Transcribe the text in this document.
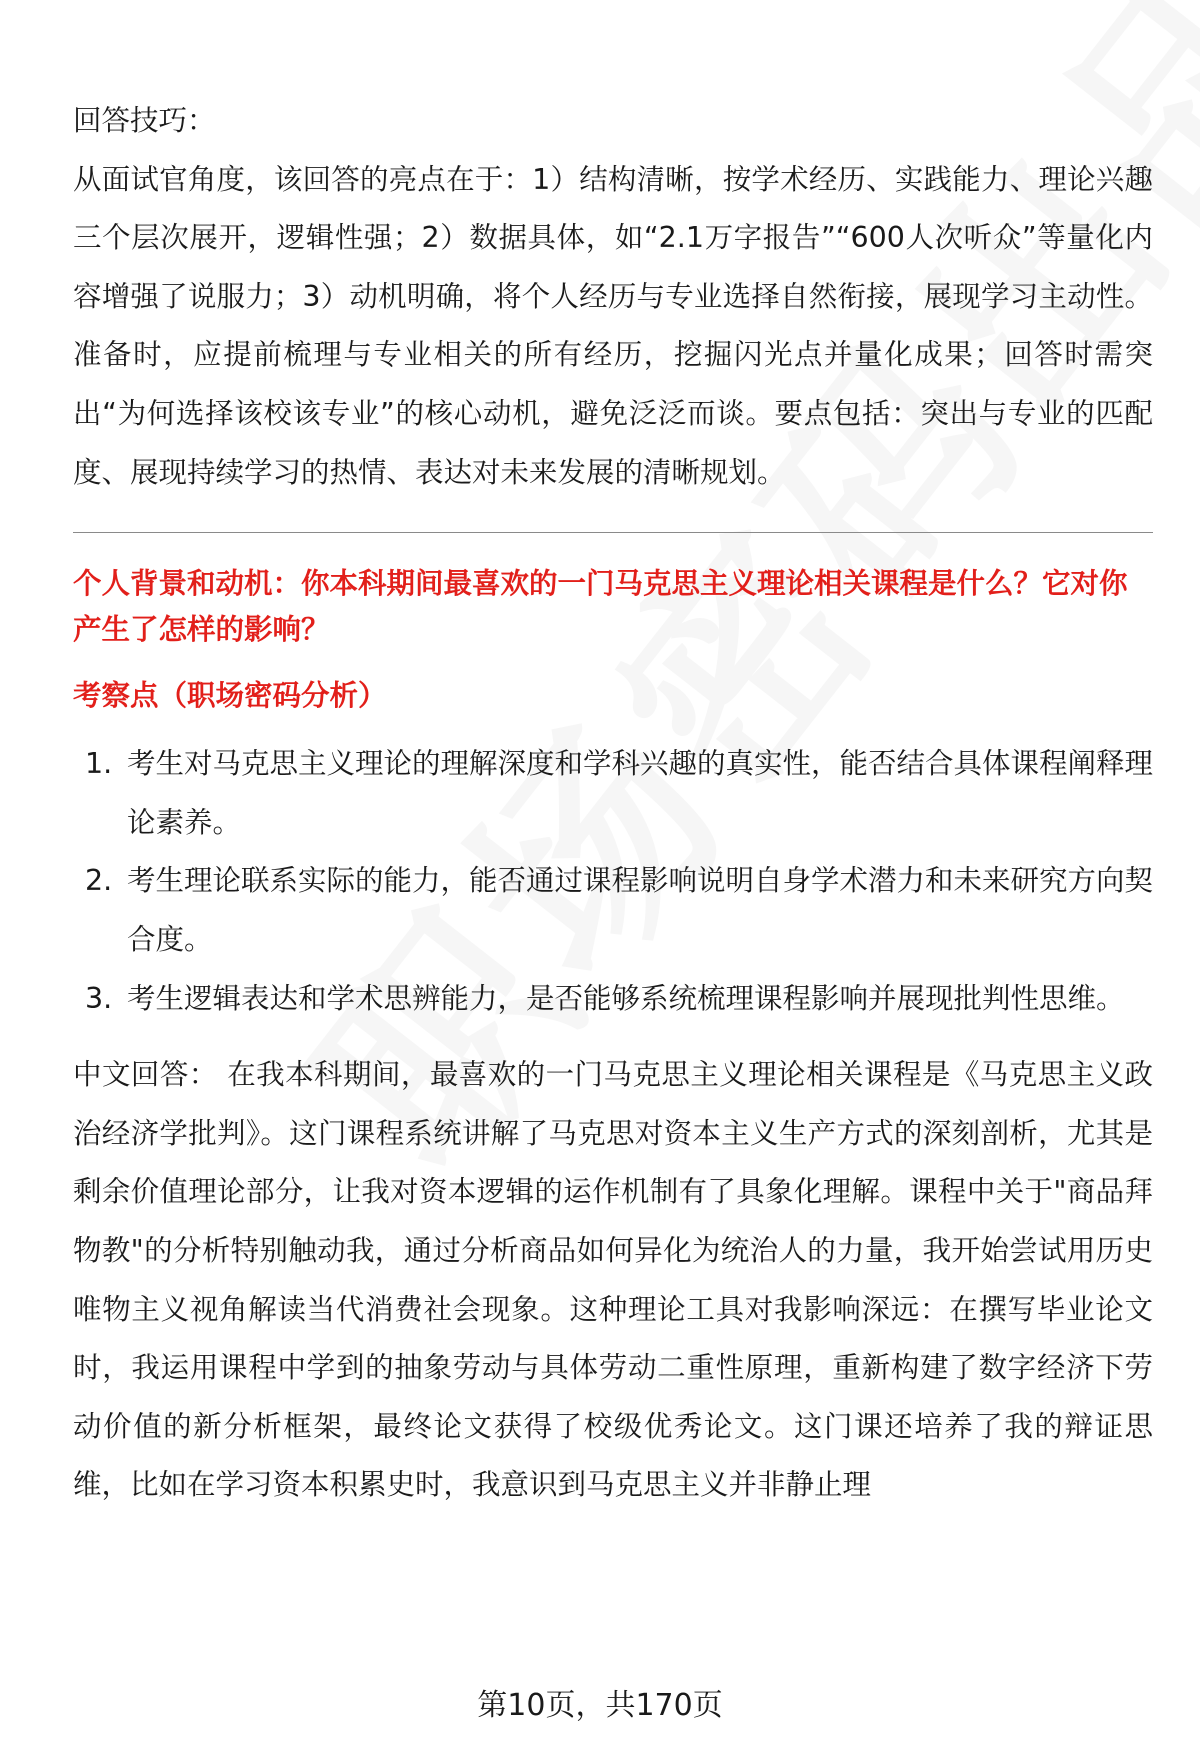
回答技巧：

从面试官角度，该回答的亮点在于：1）结构清晰，按学术经历、实践能力、理论兴趣三个层次展开，逻辑性强；2）数据具体，如“2.1万字报告”“600人次听众”等量化内容增强了说服力；3）动机明确，将个人经历与专业选择自然衔接，展现学习主动性。准备时，应提前梳理与专业相关的所有经历，挖掘闪光点并量化成果；回答时需突出“为何选择该校该专业”的核心动机，避免泛泛而谈。要点包括：突出与专业的匹配度、展现持续学习的热情、表达对未来发展的清晰规划。

个人背景和动机：你本科期间最喜欢的一门马克思主义理论相关课程是什么？它对你产生了怎样的影响？

考察点（职场密码分析）

1. 考生对马克思主义理论的理解深度和学科兴趣的真实性，能否结合具体课程阐释理论素养。
2. 考生理论联系实际的能力，能否通过课程影响说明自身学术潜力和未来研究方向契合度。
3. 考生逻辑表达和学术思辨能力，是否能够系统梳理课程影响并展现批判性思维。

中文回答： 在我本科期间，最喜欢的一门马克思主义理论相关课程是《马克思主义政治经济学批判》。这门课程系统讲解了马克思对资本主义生产方式的深刻剖析，尤其是剩余价值理论部分，让我对资本逻辑的运作机制有了具象化理解。课程中关于"商品拜物教"的分析特别触动我，通过分析商品如何异化为统治人的力量，我开始尝试用历史唯物主义视角解读当代消费社会现象。这种理论工具对我影响深远：在撰写毕业论文时，我运用课程中学到的抽象劳动与具体劳动二重性原理，重新构建了数字经济下劳动价值的新分析框架，最终论文获得了校级优秀论文。这门课还培养了我的辩证思维，比如在学习资本积累史时，我意识到马克思主义并非静止理

第10页，共170页
